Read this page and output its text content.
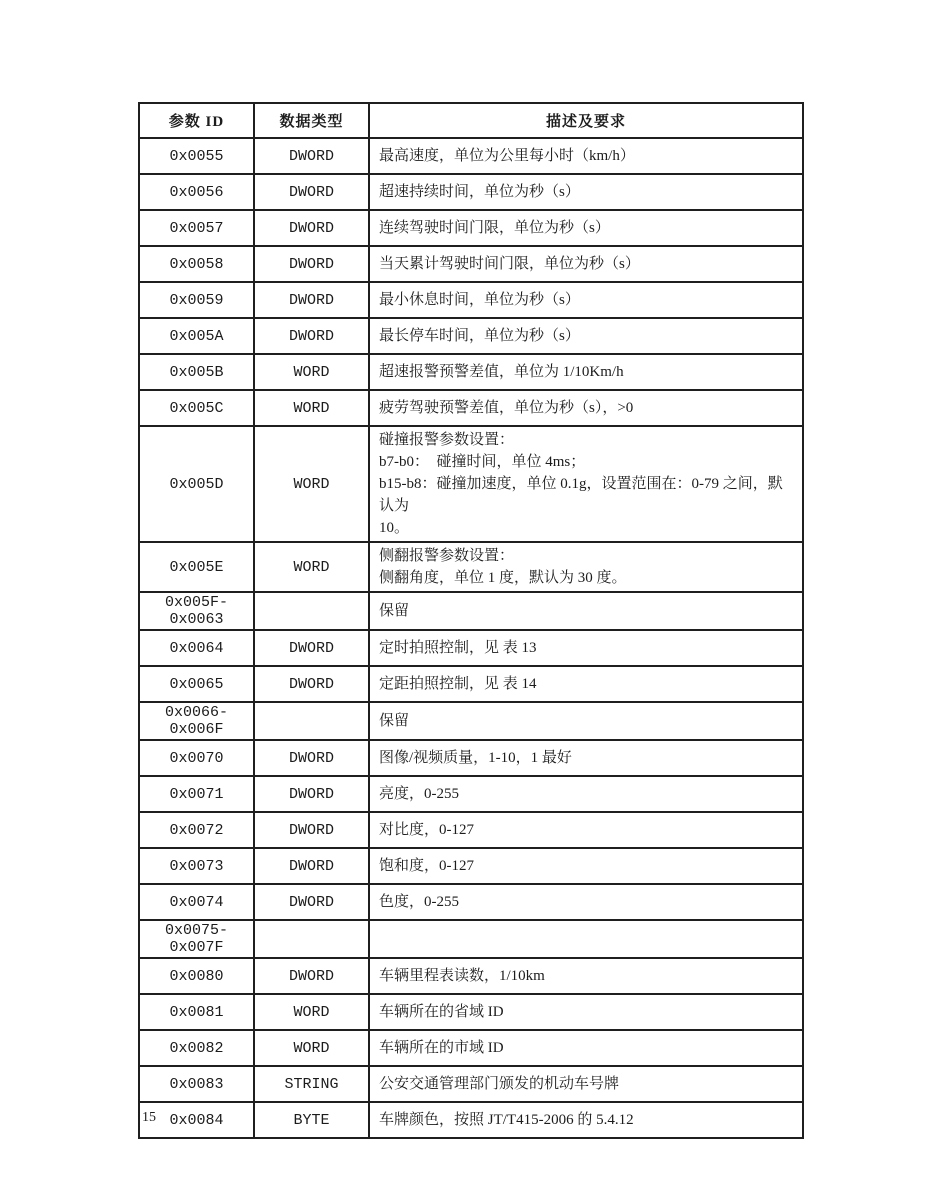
参数 ID	数据类型	描述及要求
0x0055	DWORD	最高速度，单位为公里每小时（km/h）

0x0056	DWORD	超速持续时间，单位为秒（s）

0x0057	DWORD	连续驾驶时间门限，单位为秒（s）

0x0058	DWORD	当天累计驾驶时间门限，单位为秒（s）

0x0059	DWORD	最小休息时间，单位为秒（s）

0x005A	DWORD	最长停车时间，单位为秒（s）

0x005B	WORD	超速报警预警差值，单位为 1/10Km/h

0x005C	WORD	疲劳驾驶预警差值，单位为秒（s），>0

0x005D	WORD	碰撞报警参数设置：
b7-b0：  碰撞时间，单位 4ms；
b15-b8：碰撞加速度，单位 0.1g，设置范围在：0-79 之间，默认为
10。

0x005E	WORD	侧翻报警参数设置：
侧翻角度，单位 1 度，默认为 30 度。

0x005F-0x0063		保留

0x0064	DWORD	定时拍照控制，见 表 13

0x0065	DWORD	定距拍照控制，见 表 14

0x0066-0x006F		保留

0x0070	DWORD	图像/视频质量，1-10，1 最好

0x0071	DWORD	亮度，0-255

0x0072	DWORD	对比度，0-127

0x0073	DWORD	饱和度，0-127

0x0074	DWORD	色度，0-255

0x0075-0x007F		
0x0080	DWORD	车辆里程表读数，1/10km

0x0081	WORD	车辆所在的省域 ID

0x0082	WORD	车辆所在的市域 ID

0x0083	STRING	公安交通管理部门颁发的机动车号牌

0x0084	BYTE	车牌颜色，按照 JT/T415-2006 的 5.4.12
15
